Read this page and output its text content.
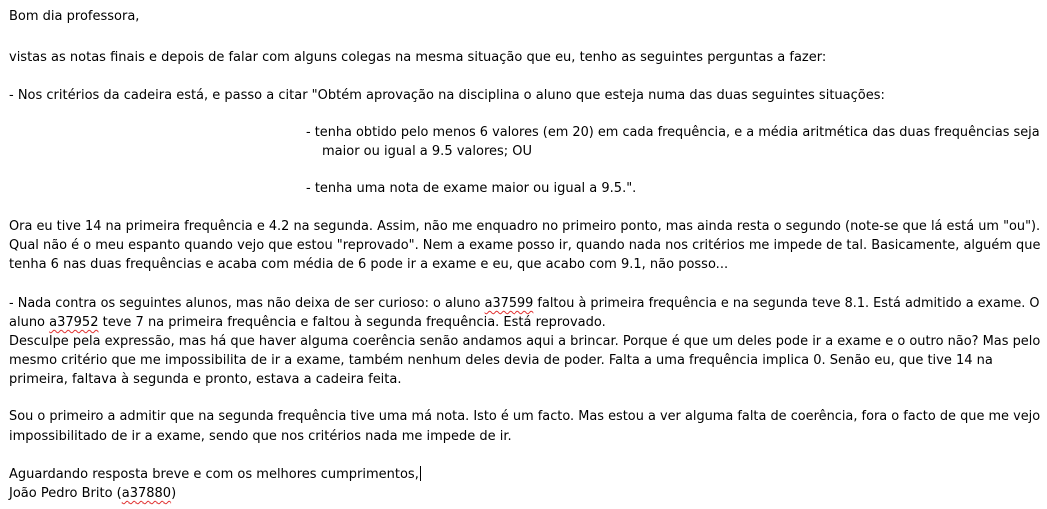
Bom dia professora,
vistas as notas finais e depois de falar com alguns colegas na mesma situação que eu, tenho as seguintes perguntas a fazer:
- Nos critérios da cadeira está, e passo a citar "Obtém aprovação na disciplina o aluno que esteja numa das duas seguintes situações:
- tenha obtido pelo menos 6 valores (em 20) em cada frequência, e a média aritmética das duas frequências seja
maior ou igual a 9.5 valores; OU
- tenha uma nota de exame maior ou igual a 9.5.".
Ora eu tive 14 na primeira frequência e 4.2 na segunda. Assim, não me enquadro no primeiro ponto, mas ainda resta o segundo (note-se que lá está um "ou").
Qual não é o meu espanto quando vejo que estou "reprovado". Nem a exame posso ir, quando nada nos critérios me impede de tal. Basicamente, alguém que
tenha 6 nas duas frequências e acaba com média de 6 pode ir a exame e eu, que acabo com 9.1, não posso...
- Nada contra os seguintes alunos, mas não deixa de ser curioso: o aluno a37599 faltou à primeira frequência e na segunda teve 8.1. Está admitido a exame. O
aluno a37952 teve 7 na primeira frequência e faltou à segunda frequência. Está reprovado.
Desculpe pela expressão, mas há que haver alguma coerência senão andamos aqui a brincar. Porque é que um deles pode ir a exame e o outro não? Mas pelo
mesmo critério que me impossibilita de ir a exame, também nenhum deles devia de poder. Falta a uma frequência implica 0. Senão eu, que tive 14 na
primeira, faltava à segunda e pronto, estava a cadeira feita.
Sou o primeiro a admitir que na segunda frequência tive uma má nota. Isto é um facto. Mas estou a ver alguma falta de coerência, fora o facto de que me vejo
impossibilitado de ir a exame, sendo que nos critérios nada me impede de ir.
Aguardando resposta breve e com os melhores cumprimentos,
João Pedro Brito (a37880)
